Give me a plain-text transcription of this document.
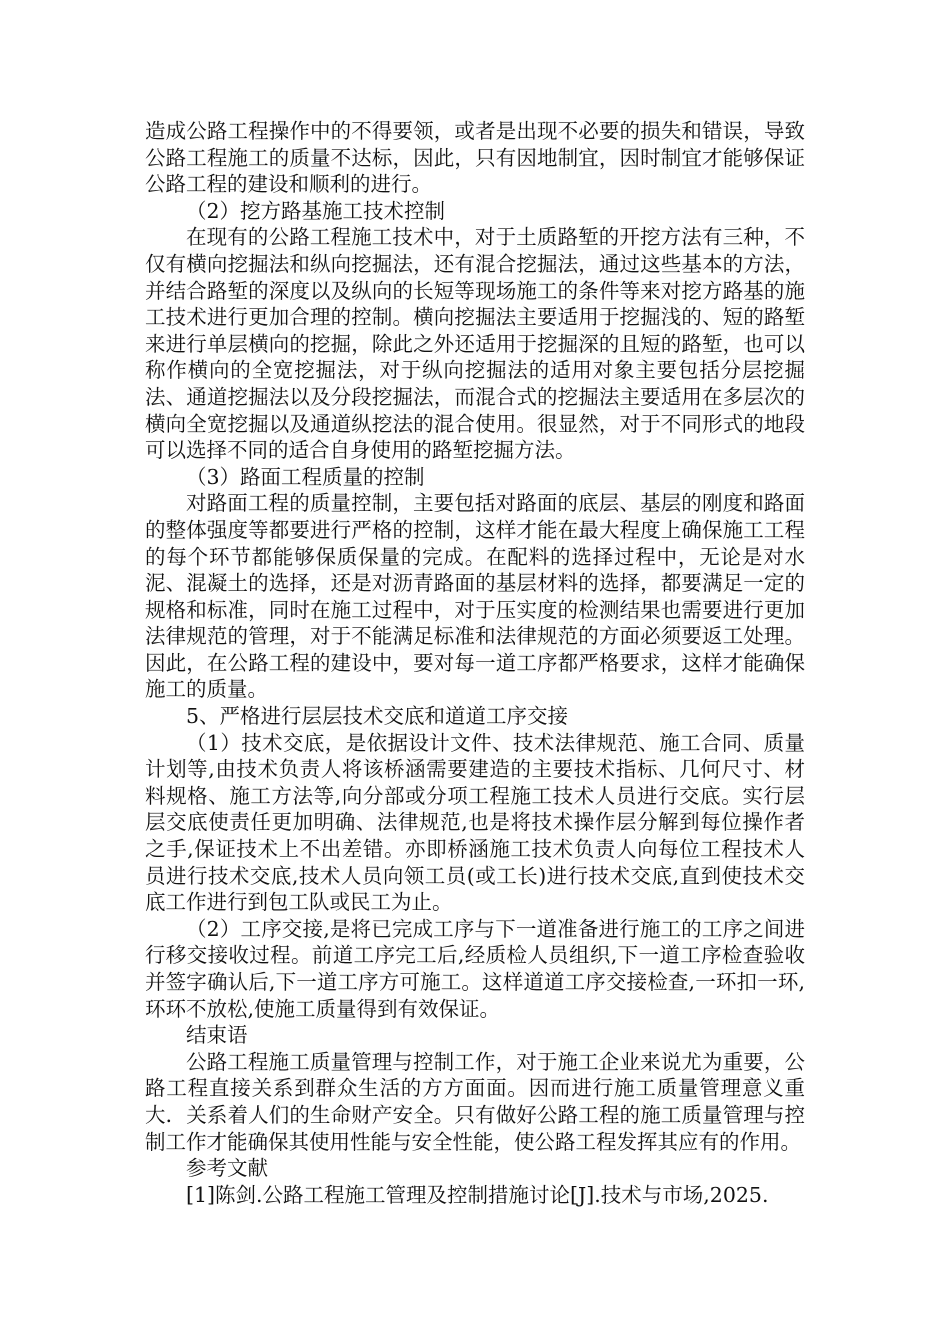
造成公路工程操作中的不得要领，或者是出现不必要的损失和错误，导致公路工程施工的质量不达标，因此，只有因地制宜，因时制宜才能够保证公路工程的建设和顺利的进行。

（2）挖方路基施工技术控制

在现有的公路工程施工技术中，对于土质路堑的开挖方法有三种，不仅有横向挖掘法和纵向挖掘法，还有混合挖掘法，通过这些基本的方法，并结合路堑的深度以及纵向的长短等现场施工的条件等来对挖方路基的施工技术进行更加合理的控制。横向挖掘法主要适用于挖掘浅的、短的路堑来进行单层横向的挖掘，除此之外还适用于挖掘深的且短的路堑，也可以称作横向的全宽挖掘法，对于纵向挖掘法的适用对象主要包括分层挖掘法、通道挖掘法以及分段挖掘法，而混合式的挖掘法主要适用在多层次的横向全宽挖掘以及通道纵挖法的混合使用。很显然，对于不同形式的地段可以选择不同的适合自身使用的路堑挖掘方法。

（3）路面工程质量的控制

对路面工程的质量控制，主要包括对路面的底层、基层的刚度和路面的整体强度等都要进行严格的控制，这样才能在最大程度上确保施工工程的每个环节都能够保质保量的完成。在配料的选择过程中，无论是对水泥、混凝土的选择，还是对沥青路面的基层材料的选择，都要满足一定的规格和标准，同时在施工过程中，对于压实度的检测结果也需要进行更加法律规范的管理，对于不能满足标准和法律规范的方面必须要返工处理。因此，在公路工程的建设中，要对每一道工序都严格要求，这样才能确保施工的质量。

5、严格进行层层技术交底和道道工序交接

（1）技术交底，是依据设计文件、技术法律规范、施工合同、质量计划等,由技术负责人将该桥涵需要建造的主要技术指标、几何尺寸、材料规格、施工方法等,向分部或分项工程施工技术人员进行交底。实行层层交底使责任更加明确、法律规范,也是将技术操作层分解到每位操作者之手,保证技术上不出差错。亦即桥涵施工技术负责人向每位工程技术人员进行技术交底,技术人员向领工员(或工长)进行技术交底,直到使技术交底工作进行到包工队或民工为止。

（2）工序交接,是将已完成工序与下一道准备进行施工的工序之间进行移交接收过程。前道工序完工后,经质检人员组织,下一道工序检查验收并签字确认后,下一道工序方可施工。这样道道工序交接检查,一环扣一环,环环不放松,使施工质量得到有效保证。

结束语

公路工程施工质量管理与控制工作，对于施工企业来说尤为重要，公路工程直接关系到群众生活的方方面面。因而进行施工质量管理意义重大．关系着人们的生命财产安全。只有做好公路工程的施工质量管理与控制工作才能确保其使用性能与安全性能，使公路工程发挥其应有的作用。

参考文献

[1]陈剑.公路工程施工管理及控制措施讨论[J].技术与市场,2025.
